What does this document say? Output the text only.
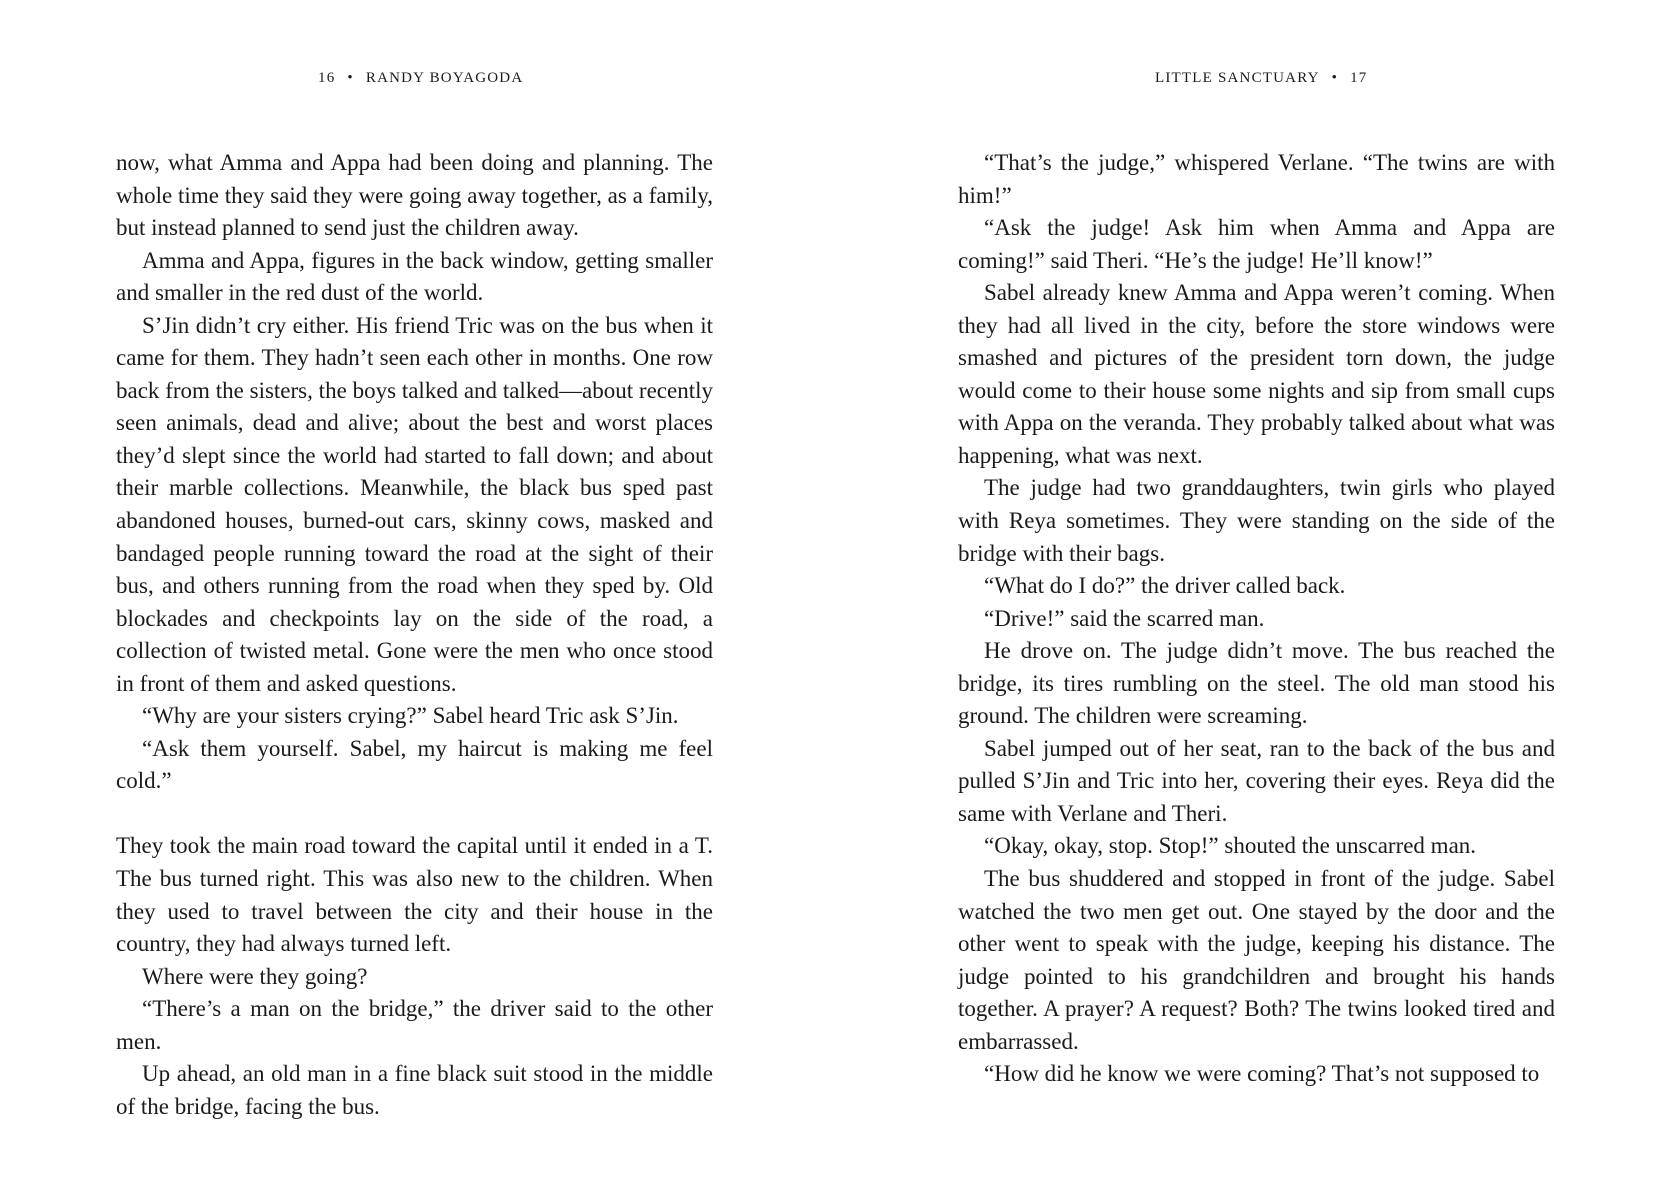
16 • RANDY BOYAGODA

now, what Amma and Appa had been doing and planning. The whole time they said they were going away together, as a family, but instead planned to send just the children away.

Amma and Appa, figures in the back window, getting smaller and smaller in the red dust of the world.

S’Jin didn’t cry either. His friend Tric was on the bus when it came for them. They hadn’t seen each other in months. One row back from the sisters, the boys talked and talked—about recently seen animals, dead and alive; about the best and worst places they’d slept since the world had started to fall down; and about their marble collections. Meanwhile, the black bus sped past abandoned houses, burned-out cars, skinny cows, masked and bandaged people running toward the road at the sight of their bus, and others running from the road when they sped by. Old blockades and checkpoints lay on the side of the road, a collection of twisted metal. Gone were the men who once stood in front of them and asked questions.

“Why are your sisters crying?” Sabel heard Tric ask S’Jin.

“Ask them yourself. Sabel, my haircut is making me feel cold.”

They took the main road toward the capital until it ended in a T. The bus turned right. This was also new to the children. When they used to travel between the city and their house in the country, they had always turned left.

Where were they going?

“There’s a man on the bridge,” the driver said to the other men.

Up ahead, an old man in a fine black suit stood in the middle of the bridge, facing the bus.

LITTLE SANCTUARY • 17

“That’s the judge,” whispered Verlane. “The twins are with him!”

“Ask the judge! Ask him when Amma and Appa are coming!” said Theri. “He’s the judge! He’ll know!”

Sabel already knew Amma and Appa weren’t coming. When they had all lived in the city, before the store windows were smashed and pictures of the president torn down, the judge would come to their house some nights and sip from small cups with Appa on the veranda. They probably talked about what was happening, what was next.

The judge had two granddaughters, twin girls who played with Reya sometimes. They were standing on the side of the bridge with their bags.

“What do I do?” the driver called back.

“Drive!” said the scarred man.

He drove on. The judge didn’t move. The bus reached the bridge, its tires rumbling on the steel. The old man stood his ground. The children were screaming.

Sabel jumped out of her seat, ran to the back of the bus and pulled S’Jin and Tric into her, covering their eyes. Reya did the same with Verlane and Theri.

“Okay, okay, stop. Stop!” shouted the unscarred man.

The bus shuddered and stopped in front of the judge. Sabel watched the two men get out. One stayed by the door and the other went to speak with the judge, keeping his distance. The judge pointed to his grandchildren and brought his hands together. A prayer? A request? Both? The twins looked tired and embarrassed.

“How did he know we were coming? That’s not supposed to
